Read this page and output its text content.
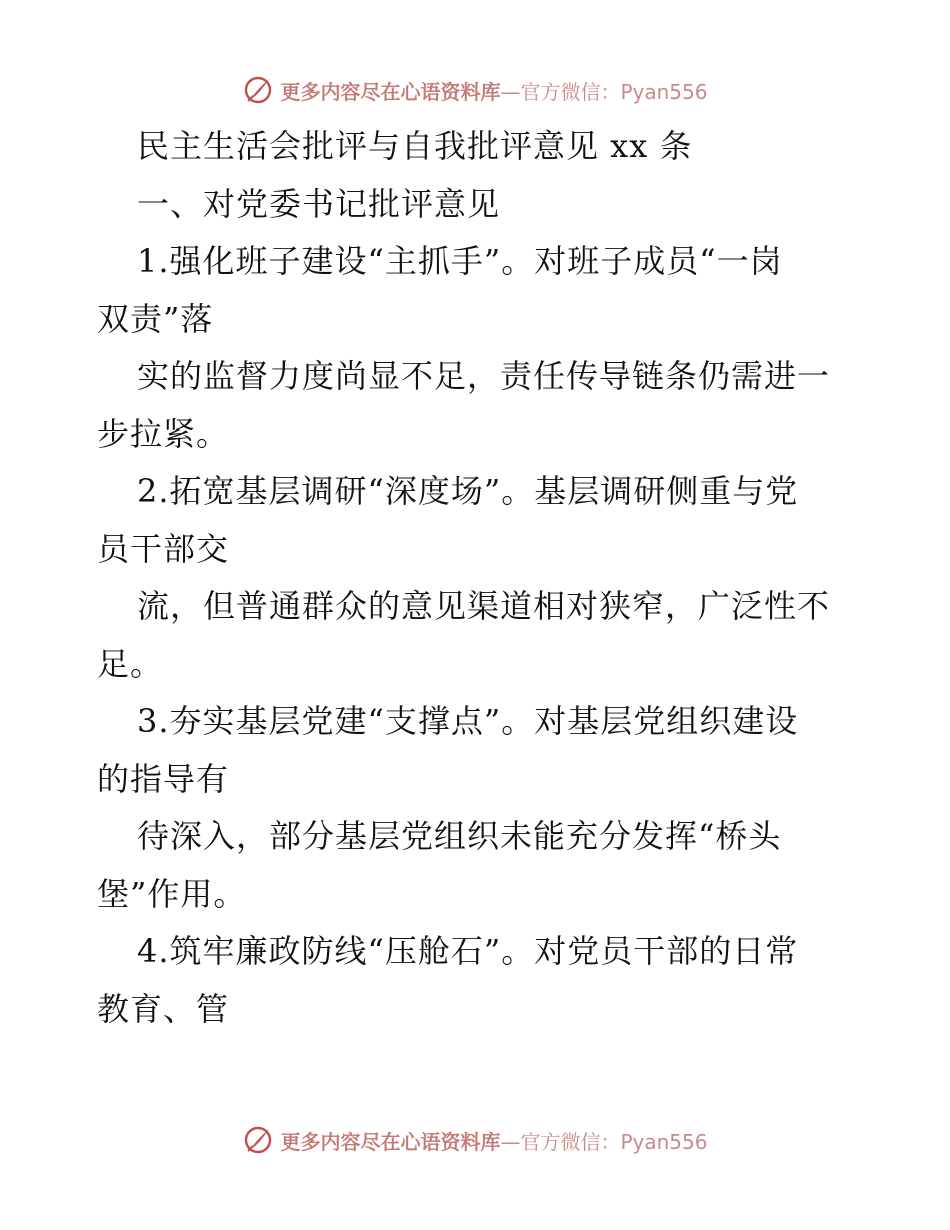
更多内容尽在心语资料库—官方微信：Pyan556
民主生活会批评与自我批评意见 xx 条
一、对党委书记批评意见
1.强化班子建设“主抓手”。对班子成员“一岗
双责”落
实的监督力度尚显不足，责任传导链条仍需进一
步拉紧。
2.拓宽基层调研“深度场”。基层调研侧重与党
员干部交
流，但普通群众的意见渠道相对狭窄，广泛性不
足。
3.夯实基层党建“支撑点”。对基层党组织建设
的指导有
待深入，部分基层党组织未能充分发挥“桥头
堡”作用。
4.筑牢廉政防线“压舱石”。对党员干部的日常
教育、管
更多内容尽在心语资料库—官方微信：Pyan556
